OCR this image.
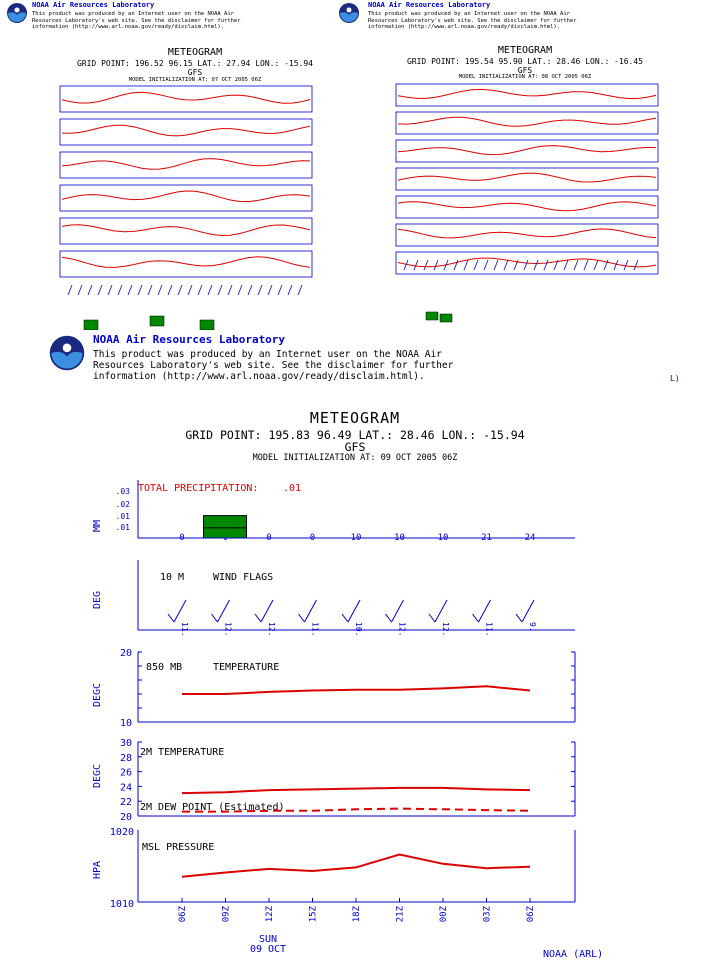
NOAA Air Resources Laboratory
This product was produced by an Internet user on the NOAA Air
Resources Laboratory's web site. See the disclaimer for further
information (http://www.arl.noaa.gov/ready/disclaim.html).
NOAA Air Resources Laboratory
This product was produced by an Internet user on the NOAA Air
Resources Laboratory's web site. See the disclaimer for further
information (http://www.arl.noaa.gov/ready/disclaim.html).
METEOGRAM
GRID POINT: 196.52 96.15 LAT.: 27.94 LON.: -15.94
GFS
MODEL INITIALIZATION AT: 07 OCT 2005 06Z
METEOGRAM
GRID POINT: 195.54 95.90 LAT.: 28.46 LON.: -16.45
GFS
MODEL INITIALIZATION AT: 08 OCT 2005 06Z
L)
NOAA Air Resources Laboratory
This product was produced by an Internet user on the NOAA Air
Resources Laboratory's web site. See the disclaimer for further
information (http://www.arl.noaa.gov/ready/disclaim.html).
METEOGRAM
GRID POINT: 195.83 96.49 LAT.: 28.46 LON.: -15.94
GFS
MODEL INITIALIZATION AT: 09 OCT 2005 06Z
MM
TOTAL PRECIPITATION: .01
.03
.02
.01
.01
0	0	0	10	10	10	21	24
DEG
10 M	WIND FLAGS
11.	12.	12.	11.	10.	12.	12.	11.	9.
DEGC
850 MB	TEMPERATURE
20
10
DEGC
2M TEMPERATURE
2M DEW POINT (Estimated)
30
28
26
24
22
20
HPA
MSL PRESSURE
1020
1010
06Z	09Z	12Z	15Z	18Z	21Z	00Z	03Z	06Z
SUN
09 OCT	NOAA (ARL)
